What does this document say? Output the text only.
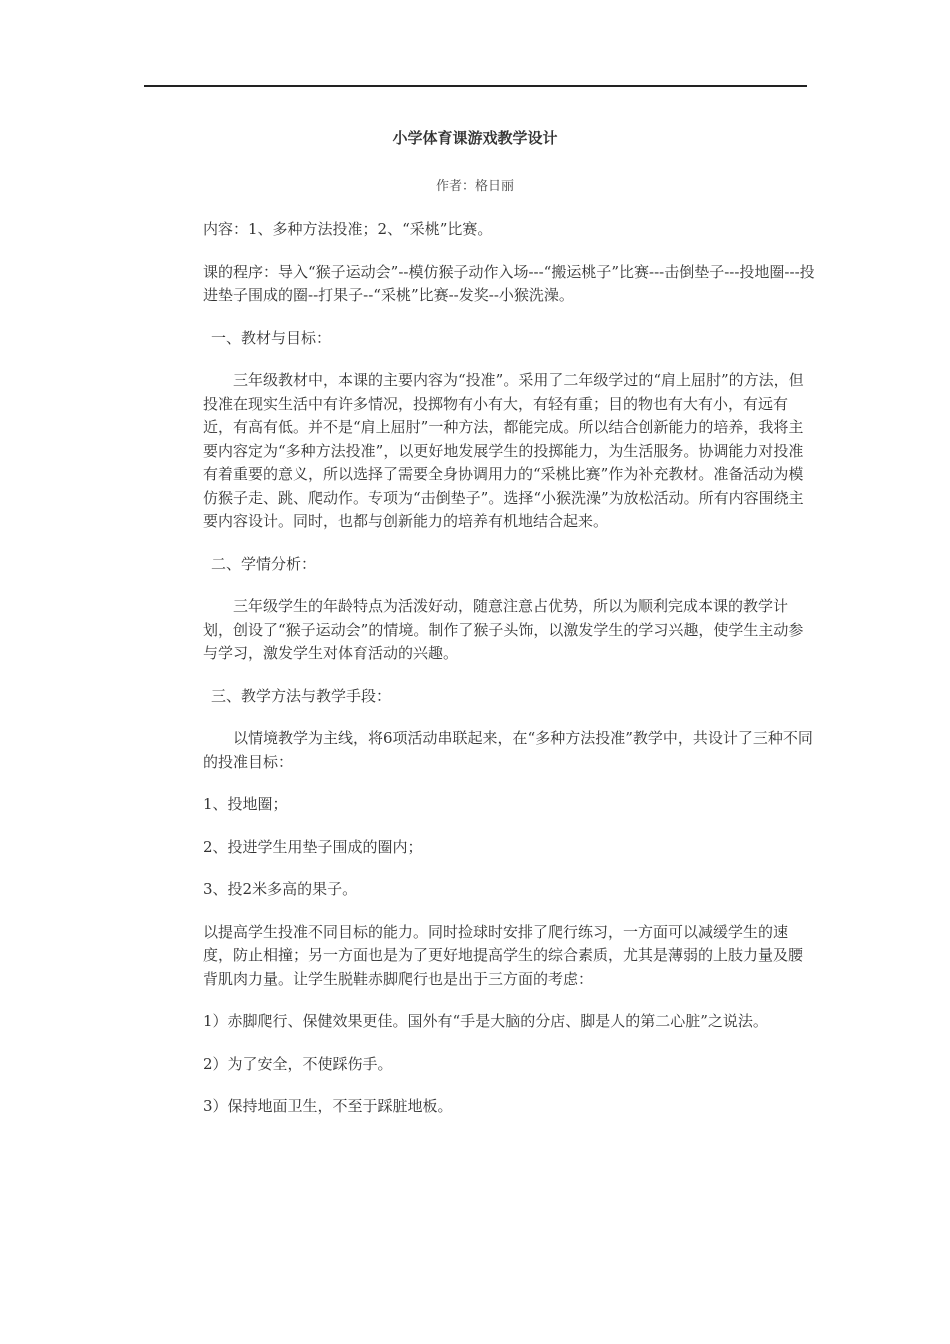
小学体育课游戏教学设计
作者：格日丽

内容：1、多种方法投准；2、“采桃”比赛。

课的程序：导入“猴子运动会”--模仿猴子动作入场---“搬运桃子”比赛---击倒垫子---投地圈---投进垫子围成的圈--打果子--“采桃”比赛--发奖--小猴洗澡。

一、教材与目标：

三年级教材中，本课的主要内容为“投准”。采用了二年级学过的“肩上屈肘”的方法，但投准在现实生活中有许多情况，投掷物有小有大，有轻有重；目的物也有大有小，有远有近，有高有低。并不是“肩上屈肘”一种方法，都能完成。所以结合创新能力的培养，我将主要内容定为“多种方法投准”，以更好地发展学生的投掷能力，为生活服务。协调能力对投准有着重要的意义，所以选择了需要全身协调用力的“采桃比赛”作为补充教材。准备活动为模仿猴子走、跳、爬动作。专项为“击倒垫子”。选择“小猴洗澡”为放松活动。所有内容围绕主要内容设计。同时，也都与创新能力的培养有机地结合起来。

二、学情分析：

三年级学生的年龄特点为活泼好动，随意注意占优势，所以为顺利完成本课的教学计划，创设了“猴子运动会”的情境。制作了猴子头饰，以激发学生的学习兴趣，使学生主动参与学习，激发学生对体育活动的兴趣。

三、教学方法与教学手段：

以情境教学为主线，将6项活动串联起来，在“多种方法投准”教学中，共设计了三种不同的投准目标：

1、投地圈；

2、投进学生用垫子围成的圈内；

3、投2米多高的果子。

以提高学生投准不同目标的能力。同时捡球时安排了爬行练习，一方面可以减缓学生的速度，防止相撞；另一方面也是为了更好地提高学生的综合素质，尤其是薄弱的上肢力量及腰背肌肉力量。让学生脱鞋赤脚爬行也是出于三方面的考虑：

1）赤脚爬行、保健效果更佳。国外有“手是大脑的分店、脚是人的第二心脏”之说法。

2）为了安全，不使踩伤手。

3）保持地面卫生，不至于踩脏地板。
